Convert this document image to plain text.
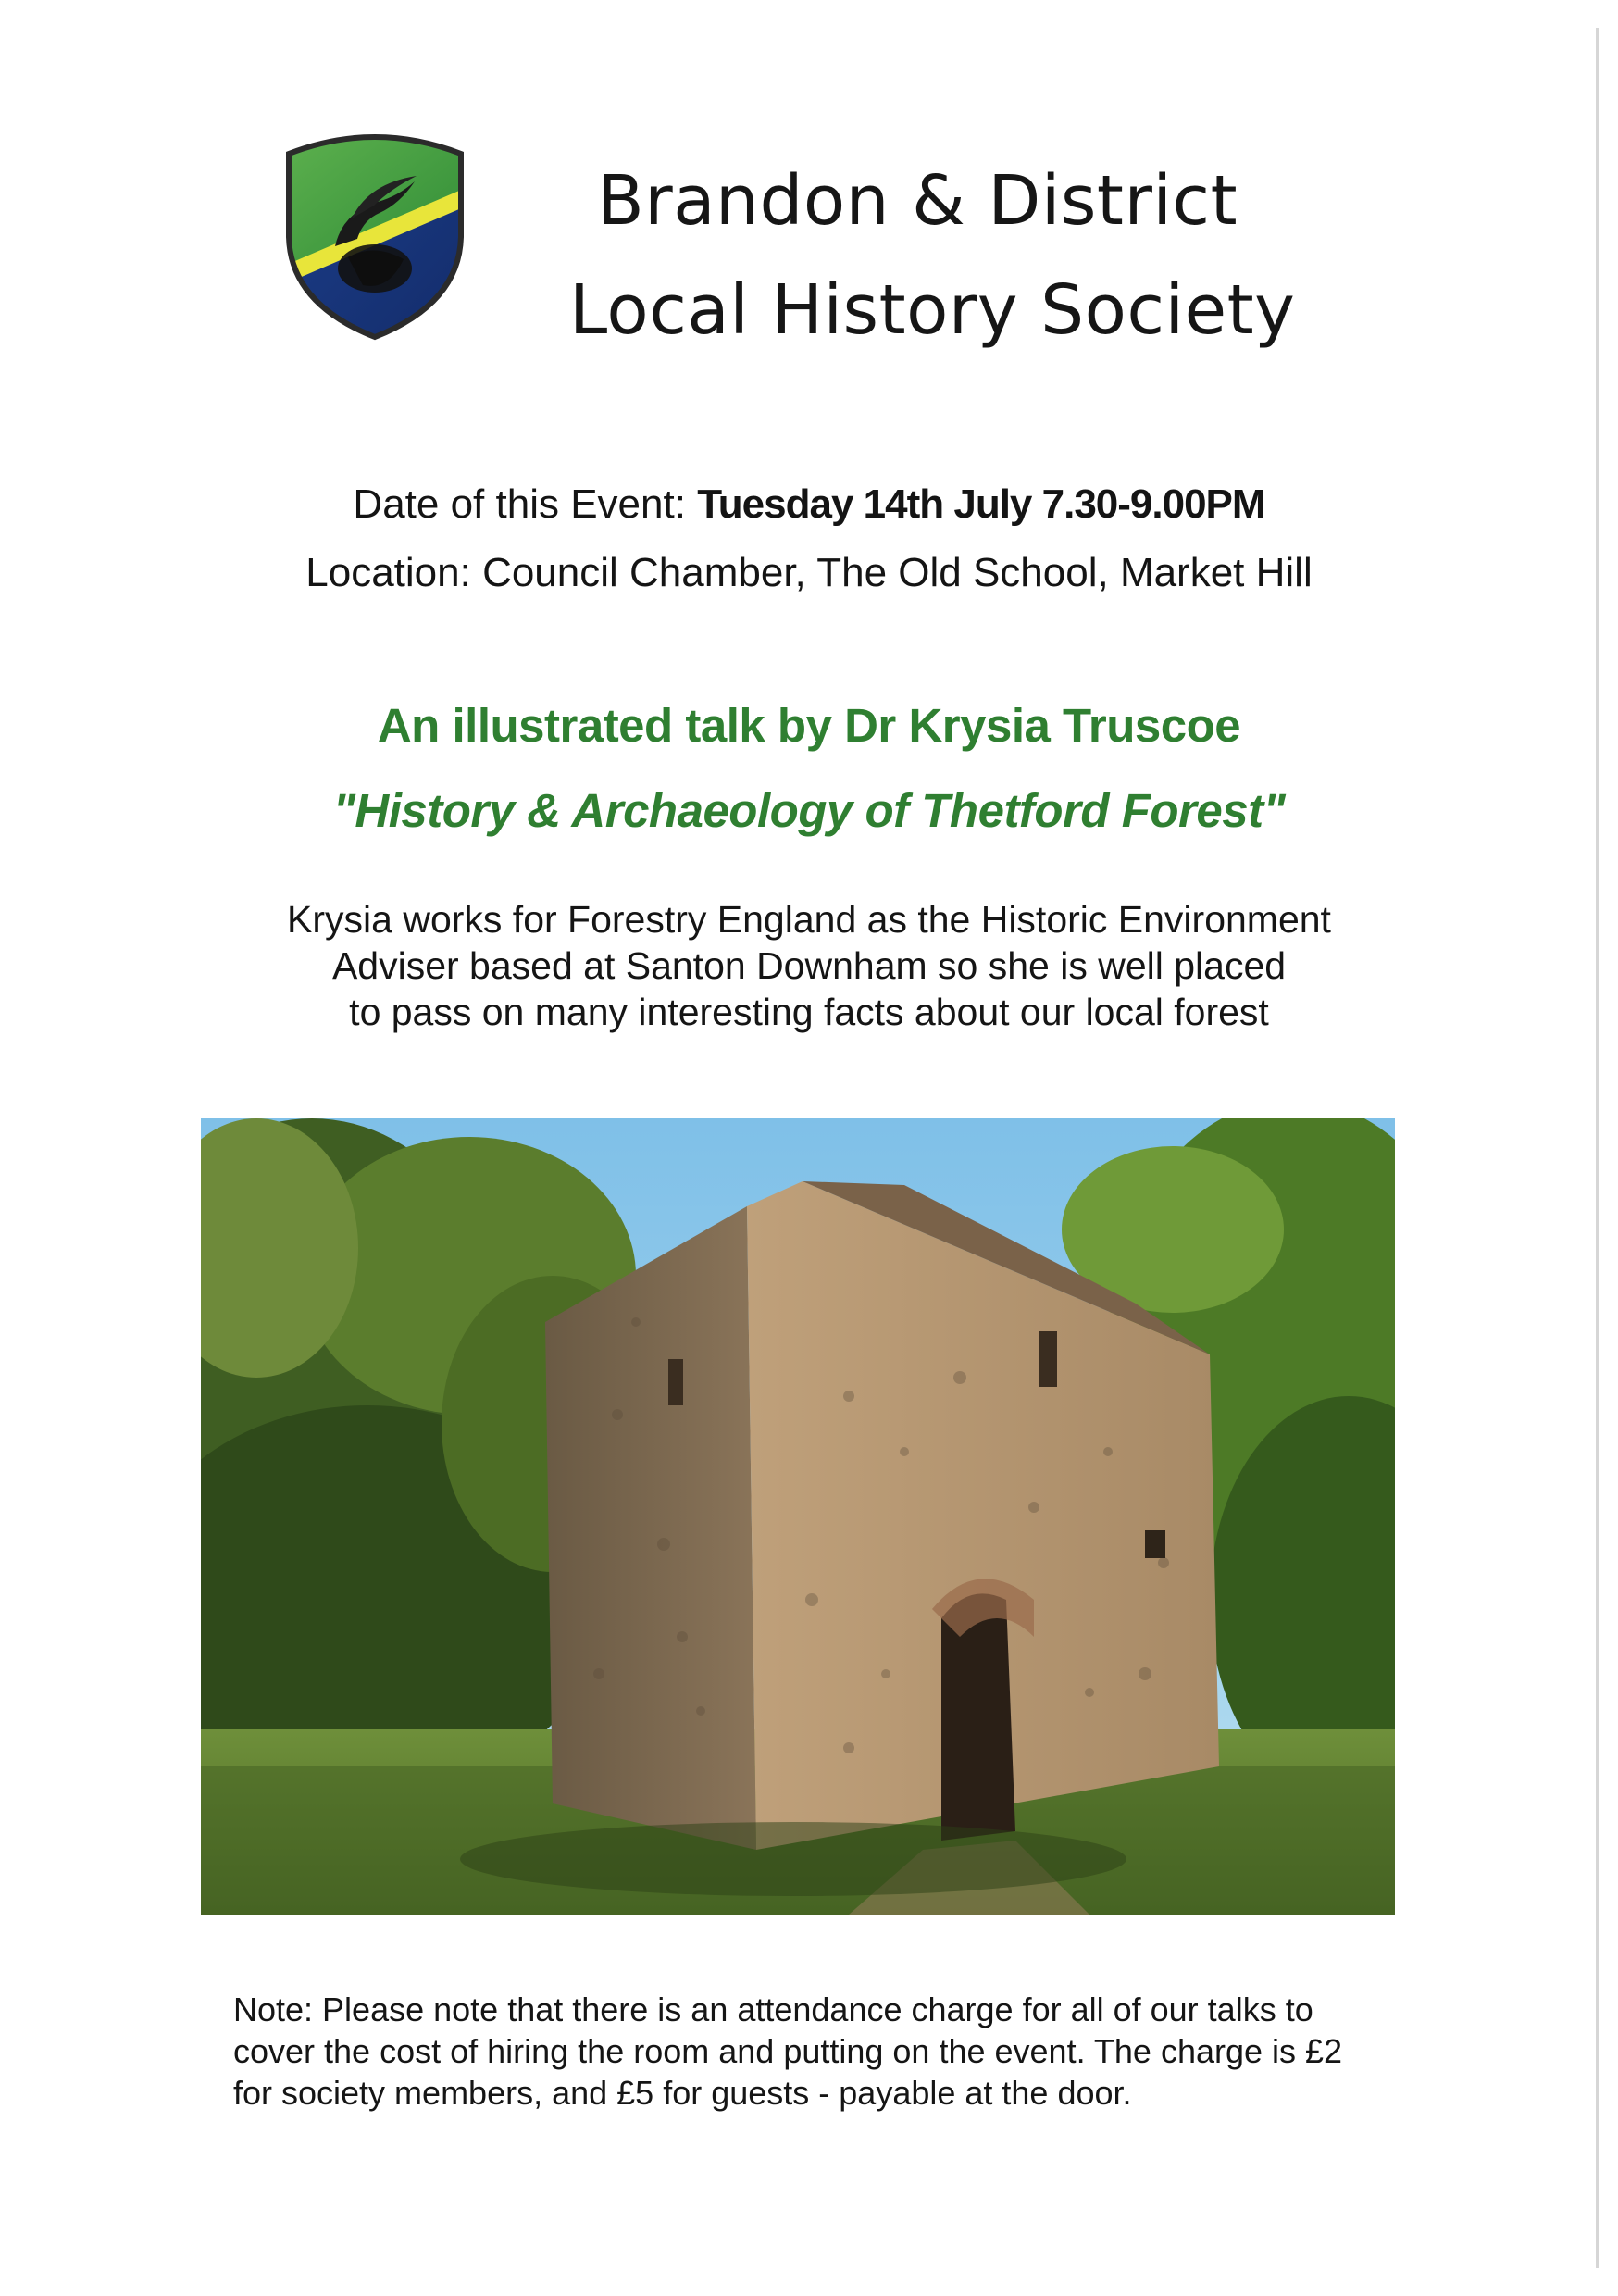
Brandon & District
Local History Society
Date of this Event: Tuesday 14th July 7.30-9.00PM
Location: Council Chamber, The Old School, Market Hill
An illustrated talk by Dr Krysia Truscoe
"History & Archaeology of Thetford Forest"
Krysia works for Forestry England as the Historic Environment
Adviser based at Santon Downham so she is well placed
to pass on many interesting facts about our local forest
Note: Please note that there is an attendance charge for all of our talks to
cover the cost of hiring the room and putting on the event. The charge is £2
for society members, and £5 for guests - payable at the door.
